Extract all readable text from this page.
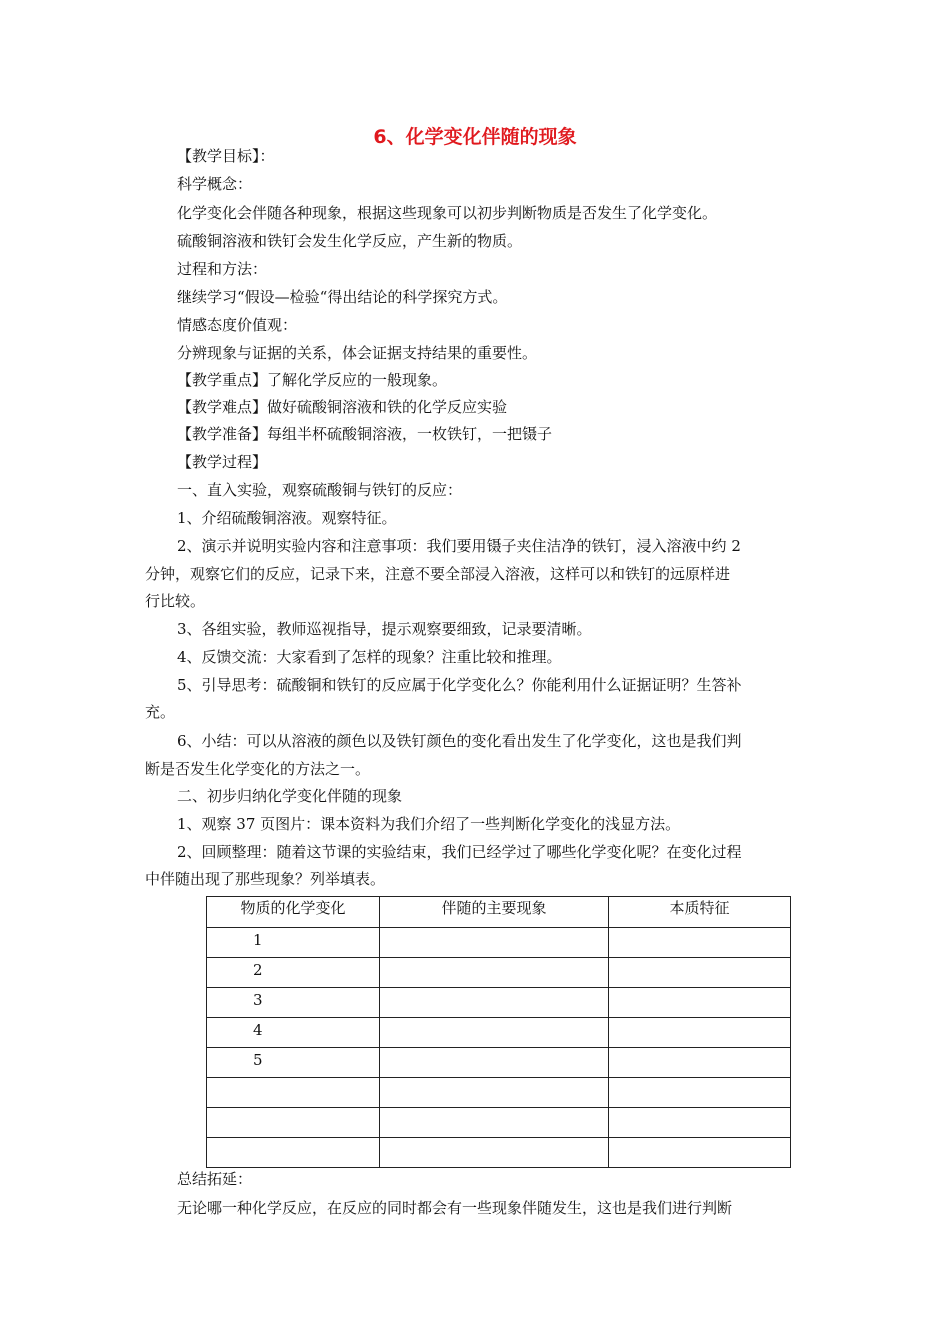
6、化学变化伴随的现象
【教学目标】：
科学概念：
化学变化会伴随各种现象，根据这些现象可以初步判断物质是否发生了化学变化。
硫酸铜溶液和铁钉会发生化学反应，产生新的物质。
过程和方法：
继续学习“假设—检验“得出结论的科学探究方式。
情感态度价值观：
分辨现象与证据的关系，体会证据支持结果的重要性。
【教学重点】了解化学反应的一般现象。
【教学难点】做好硫酸铜溶液和铁的化学反应实验
【教学准备】每组半杯硫酸铜溶液，一枚铁钉，一把镊子
【教学过程】
一、直入实验，观察硫酸铜与铁钉的反应：
1、介绍硫酸铜溶液。观察特征。
2、演示并说明实验内容和注意事项：我们要用镊子夹住洁净的铁钉，浸入溶液中约 2
分钟，观察它们的反应，记录下来，注意不要全部浸入溶液，这样可以和铁钉的远原样进
行比较。
3、各组实验，教师巡视指导，提示观察要细致，记录要清晰。
4、反馈交流：大家看到了怎样的现象？注重比较和推理。
5、引导思考：硫酸铜和铁钉的反应属于化学变化么？你能利用什么证据证明？生答补
充。
6、小结：可以从溶液的颜色以及铁钉颜色的变化看出发生了化学变化，这也是我们判
断是否发生化学变化的方法之一。
二、初步归纳化学变化伴随的现象
1、观察 37 页图片：课本资料为我们介绍了一些判断化学变化的浅显方法。
2、回顾整理：随着这节课的实验结束，我们已经学过了哪些化学变化呢？在变化过程
中伴随出现了那些现象？列举填表。
物质的化学变化	伴随的主要现象	本质特征
1		
2		
3		
4		
5		

总结拓延：
无论哪一种化学反应，在反应的同时都会有一些现象伴随发生，这也是我们进行判断
